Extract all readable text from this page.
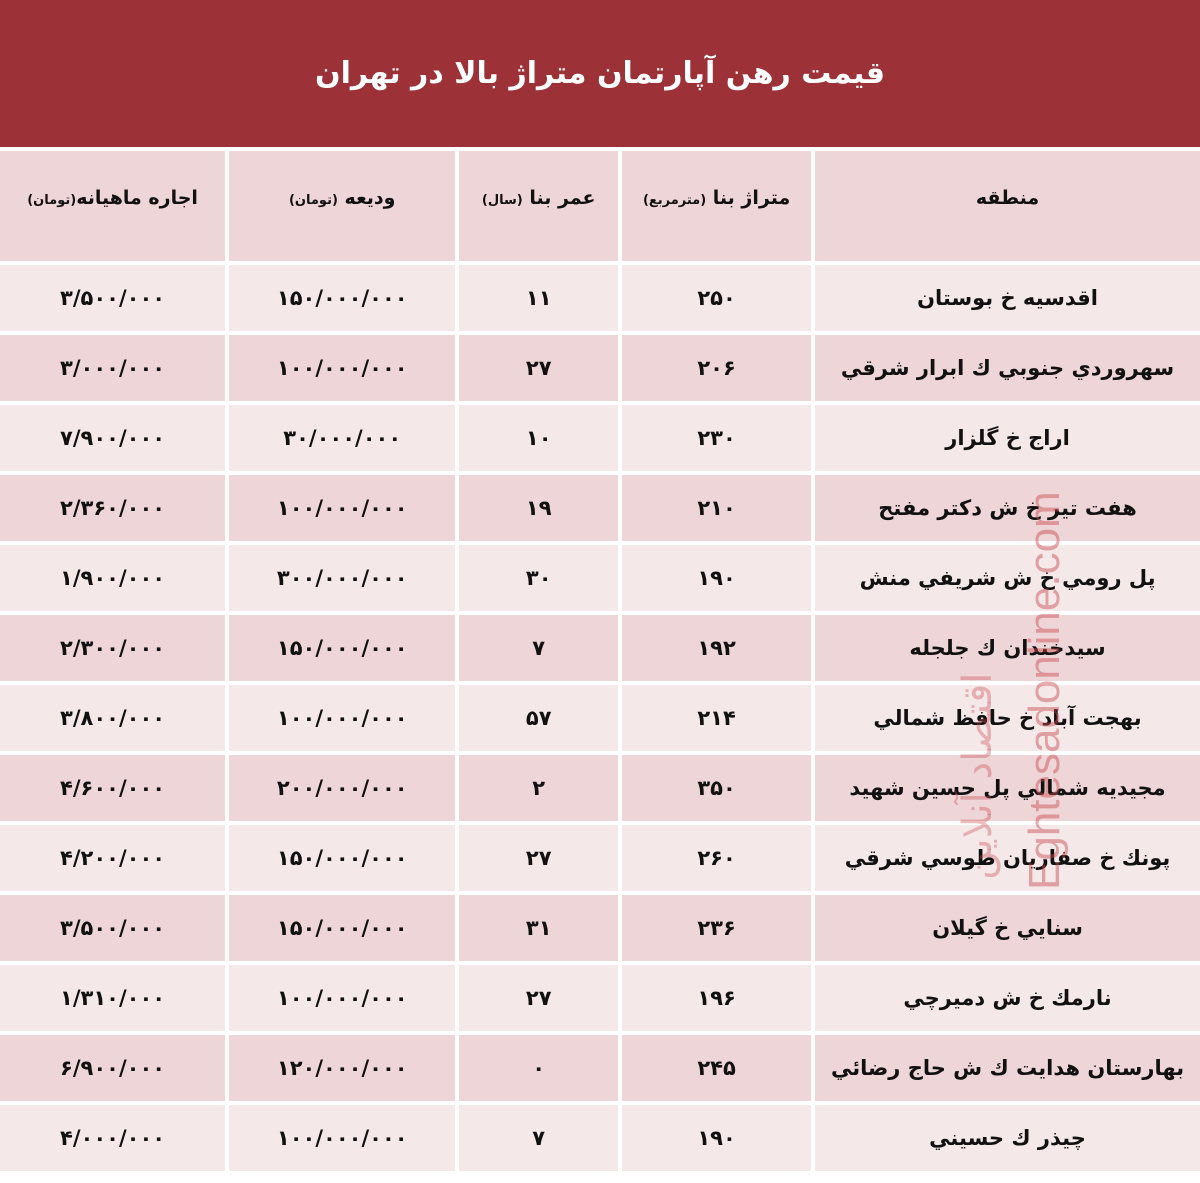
قیمت رهن آپارتمان متراژ بالا در تهران
منطقه	متراژ بنا (مترمربع)	عمر بنا (سال)	ودیعه (تومان)	اجاره ماهیانه(تومان)
اقدسيه خ بوستان	۲۵۰	۱۱	۱۵۰/۰۰۰/۰۰۰	۳/۵۰۰/۰۰۰
سهروردي جنوبي ك ابرار شرقي	۲۰۶	۲۷	۱۰۰/۰۰۰/۰۰۰	۳/۰۰۰/۰۰۰
اراج خ گلزار	۲۳۰	۱۰	۳۰/۰۰۰/۰۰۰	۷/۹۰۰/۰۰۰
هفت تير خ ش دكتر مفتح	۲۱۰	۱۹	۱۰۰/۰۰۰/۰۰۰	۲/۳۶۰/۰۰۰
پل رومي خ ش شريفي منش	۱۹۰	۳۰	۳۰۰/۰۰۰/۰۰۰	۱/۹۰۰/۰۰۰
سيدخندان ك جلجله	۱۹۲	۷	۱۵۰/۰۰۰/۰۰۰	۲/۳۰۰/۰۰۰
بهجت آباد خ حافظ شمالي	۲۱۴	۵۷	۱۰۰/۰۰۰/۰۰۰	۳/۸۰۰/۰۰۰
مجيديه شمالي پل حسين شهيد	۳۵۰	۲	۲۰۰/۰۰۰/۰۰۰	۴/۶۰۰/۰۰۰
پونك خ صفاريان طوسي شرقي	۲۶۰	۲۷	۱۵۰/۰۰۰/۰۰۰	۴/۲۰۰/۰۰۰
سنايي خ گيلان	۲۳۶	۳۱	۱۵۰/۰۰۰/۰۰۰	۳/۵۰۰/۰۰۰
نارمك خ ش دميرچي	۱۹۶	۲۷	۱۰۰/۰۰۰/۰۰۰	۱/۳۱۰/۰۰۰
بهارستان هدايت ك ش حاج رضائي	۲۴۵	۰	۱۲۰/۰۰۰/۰۰۰	۶/۹۰۰/۰۰۰
چيذر ك حسيني	۱۹۰	۷	۱۰۰/۰۰۰/۰۰۰	۴/۰۰۰/۰۰۰
Eghtesadonline.com
اقتصاد آنلاین
